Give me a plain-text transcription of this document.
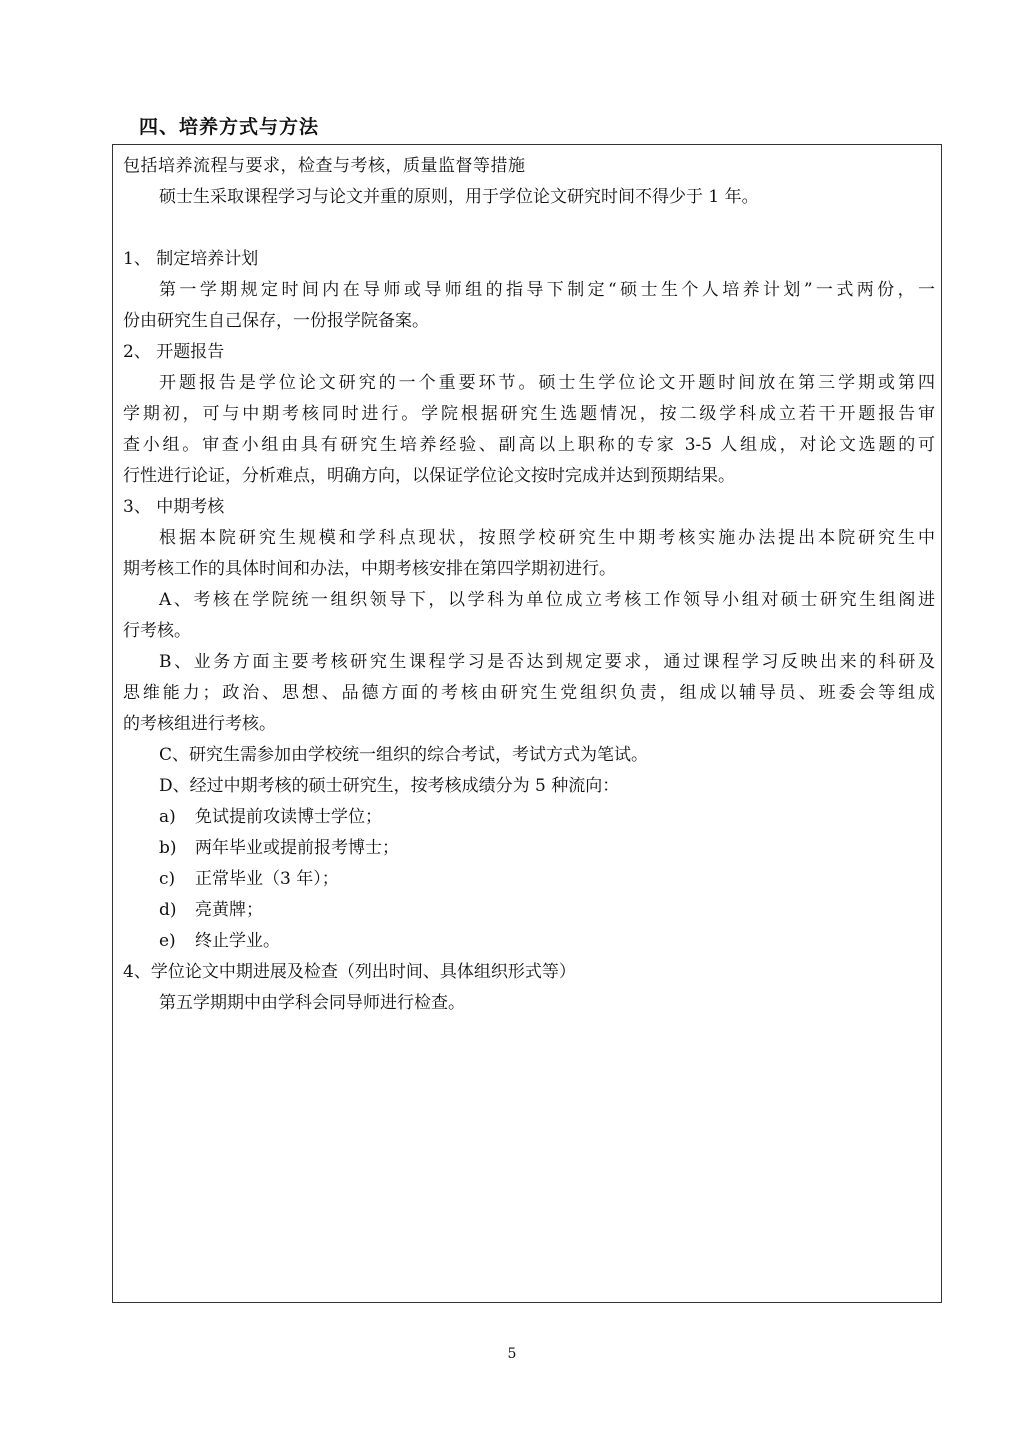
四、培养方式与方法
包括培养流程与要求，检查与考核，质量监督等措施
硕士生采取课程学习与论文并重的原则，用于学位论文研究时间不得少于 1 年。
1、 制定培养计划
第一学期规定时间内在导师或导师组的指导下制定“硕士生个人培养计划”一式两份，一
份由研究生自己保存，一份报学院备案。
2、 开题报告
开题报告是学位论文研究的一个重要环节。硕士生学位论文开题时间放在第三学期或第四
学期初，可与中期考核同时进行。学院根据研究生选题情况，按二级学科成立若干开题报告审
查小组。审查小组由具有研究生培养经验、副高以上职称的专家 3-5 人组成，对论文选题的可
行性进行论证，分析难点，明确方向，以保证学位论文按时完成并达到预期结果。
3、 中期考核
根据本院研究生规模和学科点现状，按照学校研究生中期考核实施办法提出本院研究生中
期考核工作的具体时间和办法，中期考核安排在第四学期初进行。
A、考核在学院统一组织领导下，以学科为单位成立考核工作领导小组对硕士研究生组阁进
行考核。
B、业务方面主要考核研究生课程学习是否达到规定要求，通过课程学习反映出来的科研及
思维能力；政治、思想、品德方面的考核由研究生党组织负责，组成以辅导员、班委会等组成
的考核组进行考核。
C、研究生需参加由学校统一组织的综合考试，考试方式为笔试。
D、经过中期考核的硕士研究生，按考核成绩分为 5 种流向：
a) 免试提前攻读博士学位；
b) 两年毕业或提前报考博士；
c) 正常毕业（3 年）；
d) 亮黄牌；
e) 终止学业。
4、学位论文中期进展及检查（列出时间、具体组织形式等）
第五学期期中由学科会同导师进行检查。
5
